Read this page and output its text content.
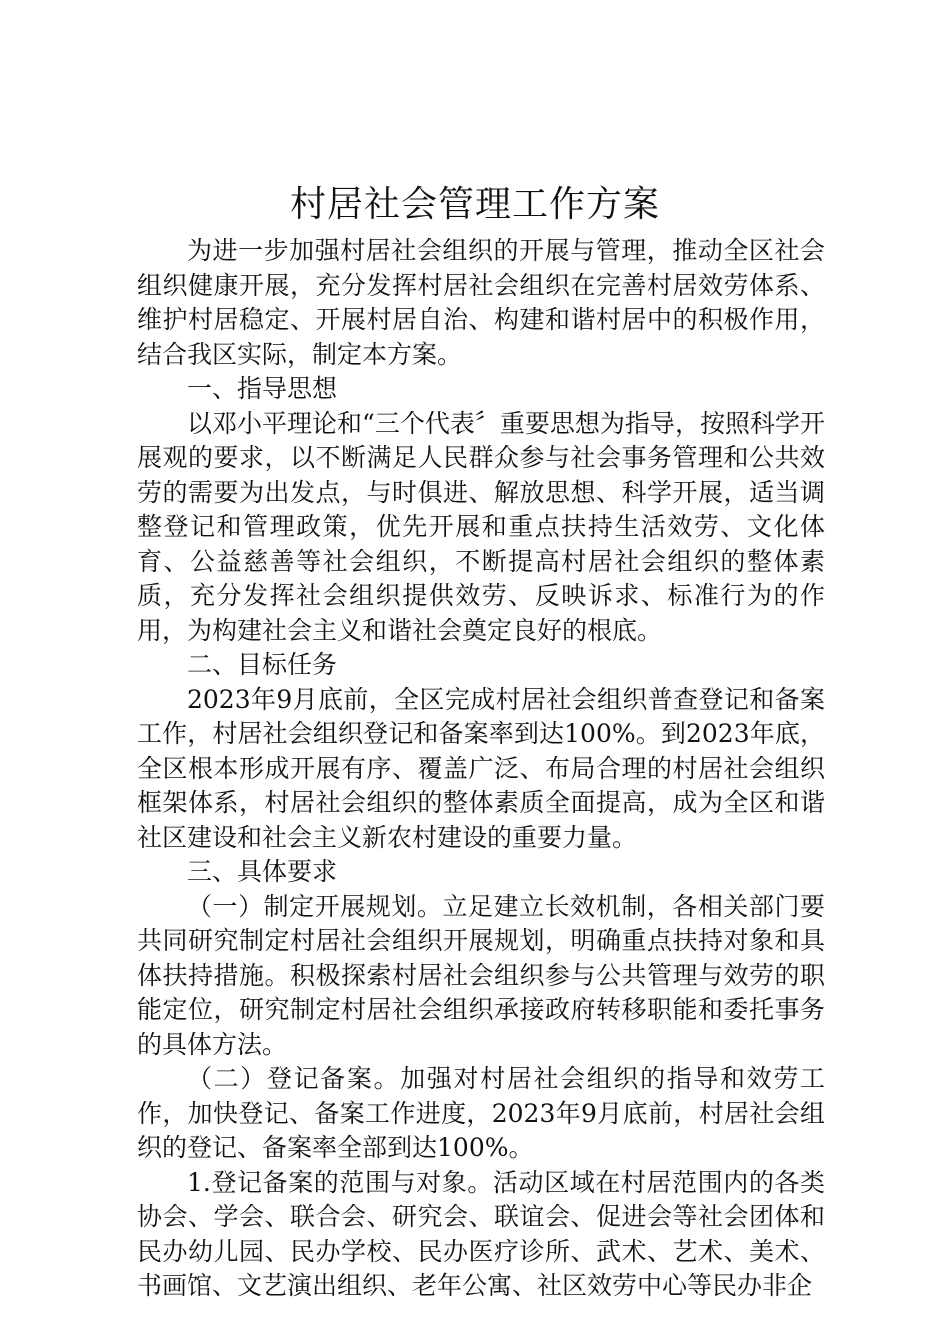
村居社会管理工作方案

为进一步加强村居社会组织的开展与管理，推动全区社会组织健康开展，充分发挥村居社会组织在完善村居效劳体系、维护村居稳定、开展村居自治、构建和谐村居中的积极作用，结合我区实际，制定本方案。

一、指导思想

以邓小平理论和“三个代表〞重要思想为指导，按照科学开展观的要求，以不断满足人民群众参与社会事务管理和公共效劳的需要为出发点，与时俱进、解放思想、科学开展，适当调整登记和管理政策，优先开展和重点扶持生活效劳、文化体育、公益慈善等社会组织，不断提高村居社会组织的整体素质，充分发挥社会组织提供效劳、反映诉求、标准行为的作用，为构建社会主义和谐社会奠定良好的根底。

二、目标任务

2023年9月底前，全区完成村居社会组织普查登记和备案工作，村居社会组织登记和备案率到达100%。到2023年底，全区根本形成开展有序、覆盖广泛、布局合理的村居社会组织框架体系，村居社会组织的整体素质全面提高，成为全区和谐社区建设和社会主义新农村建设的重要力量。

三、具体要求

（一）制定开展规划。立足建立长效机制，各相关部门要共同研究制定村居社会组织开展规划，明确重点扶持对象和具体扶持措施。积极探索村居社会组织参与公共管理与效劳的职能定位，研究制定村居社会组织承接政府转移职能和委托事务的具体方法。

（二）登记备案。加强对村居社会组织的指导和效劳工作，加快登记、备案工作进度，2023年9月底前，村居社会组织的登记、备案率全部到达100%。

1.登记备案的范围与对象。活动区域在村居范围内的各类协会、学会、联合会、研究会、联谊会、促进会等社会团体和民办幼儿园、民办学校、民办医疗诊所、武术、艺术、美术、书画馆、文艺演出组织、老年公寓、社区效劳中心等民办非企
